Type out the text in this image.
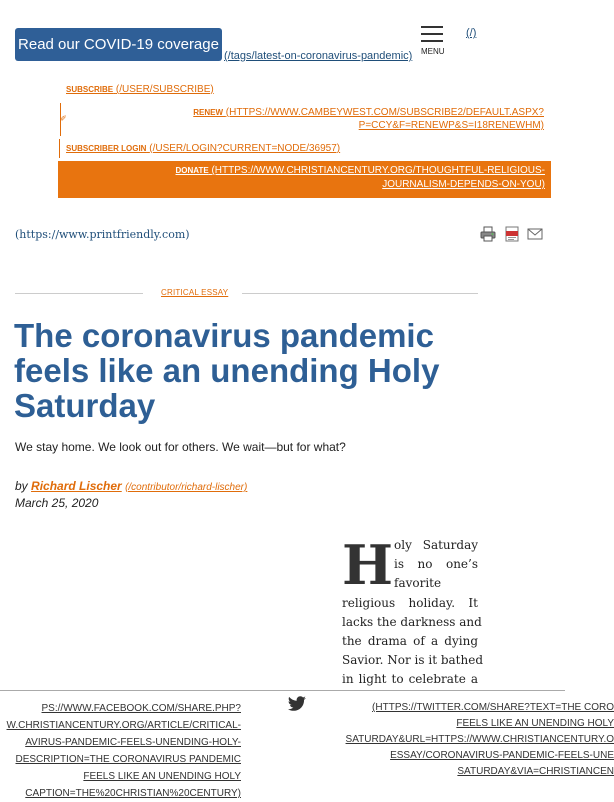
Read our COVID-19 coverage
(/tags/latest-on-coronavirus-pandemic) MENU
(/)
SUBSCRIBE (/USER/SUBSCRIBE)
✐
RENEW (HTTPS://WWW.CAMBEYWEST.COM/SUBSCRIBE2/DEFAULT.ASPX?
P=CCY&F=RENEWP&S=I18RENEWHM)
SUBSCRIBER LOGIN (/USER/LOGIN?CURRENT=NODE/36957)
DONATE (HTTPS://WWW.CHRISTIANCENTURY.ORG/THOUGHTFUL-RELIGIOUS-
JOURNALISM-DEPENDS-ON-YOU)
(https://www.printfriendly.com)
CRITICAL ESSAY
The coronavirus pandemic feels like an unending Holy Saturday
We stay home. We look out for others. We wait—but for what?
by Richard Lischer (/contributor/richard-lischer)
March 25, 2020
H oly Saturday
is no one’s
favorite
religious holiday. It
lacks the darkness and
the drama of a dying
Savior. Nor is it bathed
in light to celebrate a
PS://WWW.FACEBOOK.COM/SHARE.PHP?
W.CHRISTIANCENTURY.ORG/ARTICLE/CRITICAL-
AVIRUS-PANDEMIC-FEELS-UNENDING-HOLY-
DESCRIPTION=THE CORONAVIRUS PANDEMIC
FEELS LIKE AN UNENDING HOLY
CAPTION=THE%20CHRISTIAN%20CENTURY)
(HTTPS://TWITTER.COM/SHARE?TEXT=THE CORO
FEELS LIKE AN UNENDING HOLY
SATURDAY&URL=HTTPS://WWW.CHRISTIANCENTURY.O
ESSAY/CORONAVIRUS-PANDEMIC-FEELS-UNE
SATURDAY&VIA=CHRISTIANCEN
